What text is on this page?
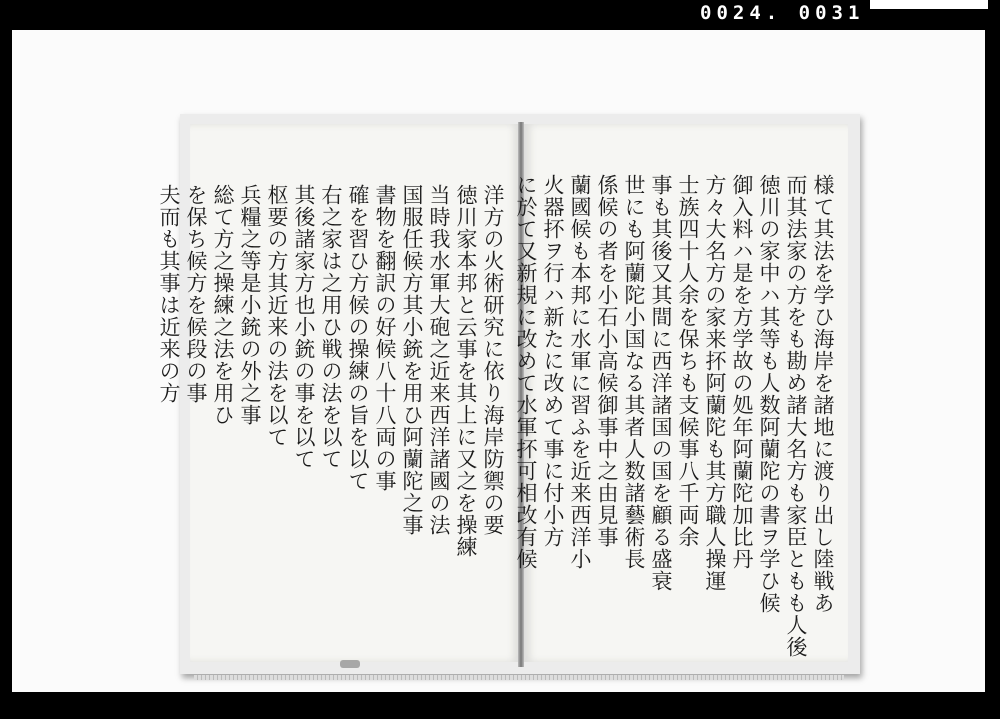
0024. 0031
洋方の火術研究に依り海岸防禦の要
徳川家本邦と云事を其上に又之を操練
当時我水軍大砲之近来西洋諸國の法
国服任候方其小銃を用ひ阿蘭陀之事
書物を翻訳の好候八十八両の事
確を習ひ方候の操練の旨を以て
右之家は之用ひ戦の法を以て
其後諸家方也小銃の事を以て
枢要の方其近来の法を以て
兵糧之等是小銃の外之事
総て方之操練之法を用ひ
を保ち候方を候段の事
夫而も其事は近来の方	様て其法を学ひ海岸を諸地に渡り出し陸戦あ
而其法家の方をも勘め諸大名方も家臣ともも人後
徳川の家中ハ其等も人数阿蘭陀の書ヲ学ひ候
御入料ハ是を方学故の処年阿蘭陀加比丹
方々大名方の家来抔阿蘭陀も其方職人操運
士族四十人余を保ちも支候事八千両余
事も其後又其間に西洋諸国の国を顧る盛衰
世にも阿蘭陀小国なる其者人数諸藝術長
係候の者を小石小高候御事中之由見事
蘭國候も本邦に水軍に習ふを近来西洋小
火器抔ヲ行ハ新たに改めて事に付小方
に於て又新規に改めて水軍抔可相改有候
